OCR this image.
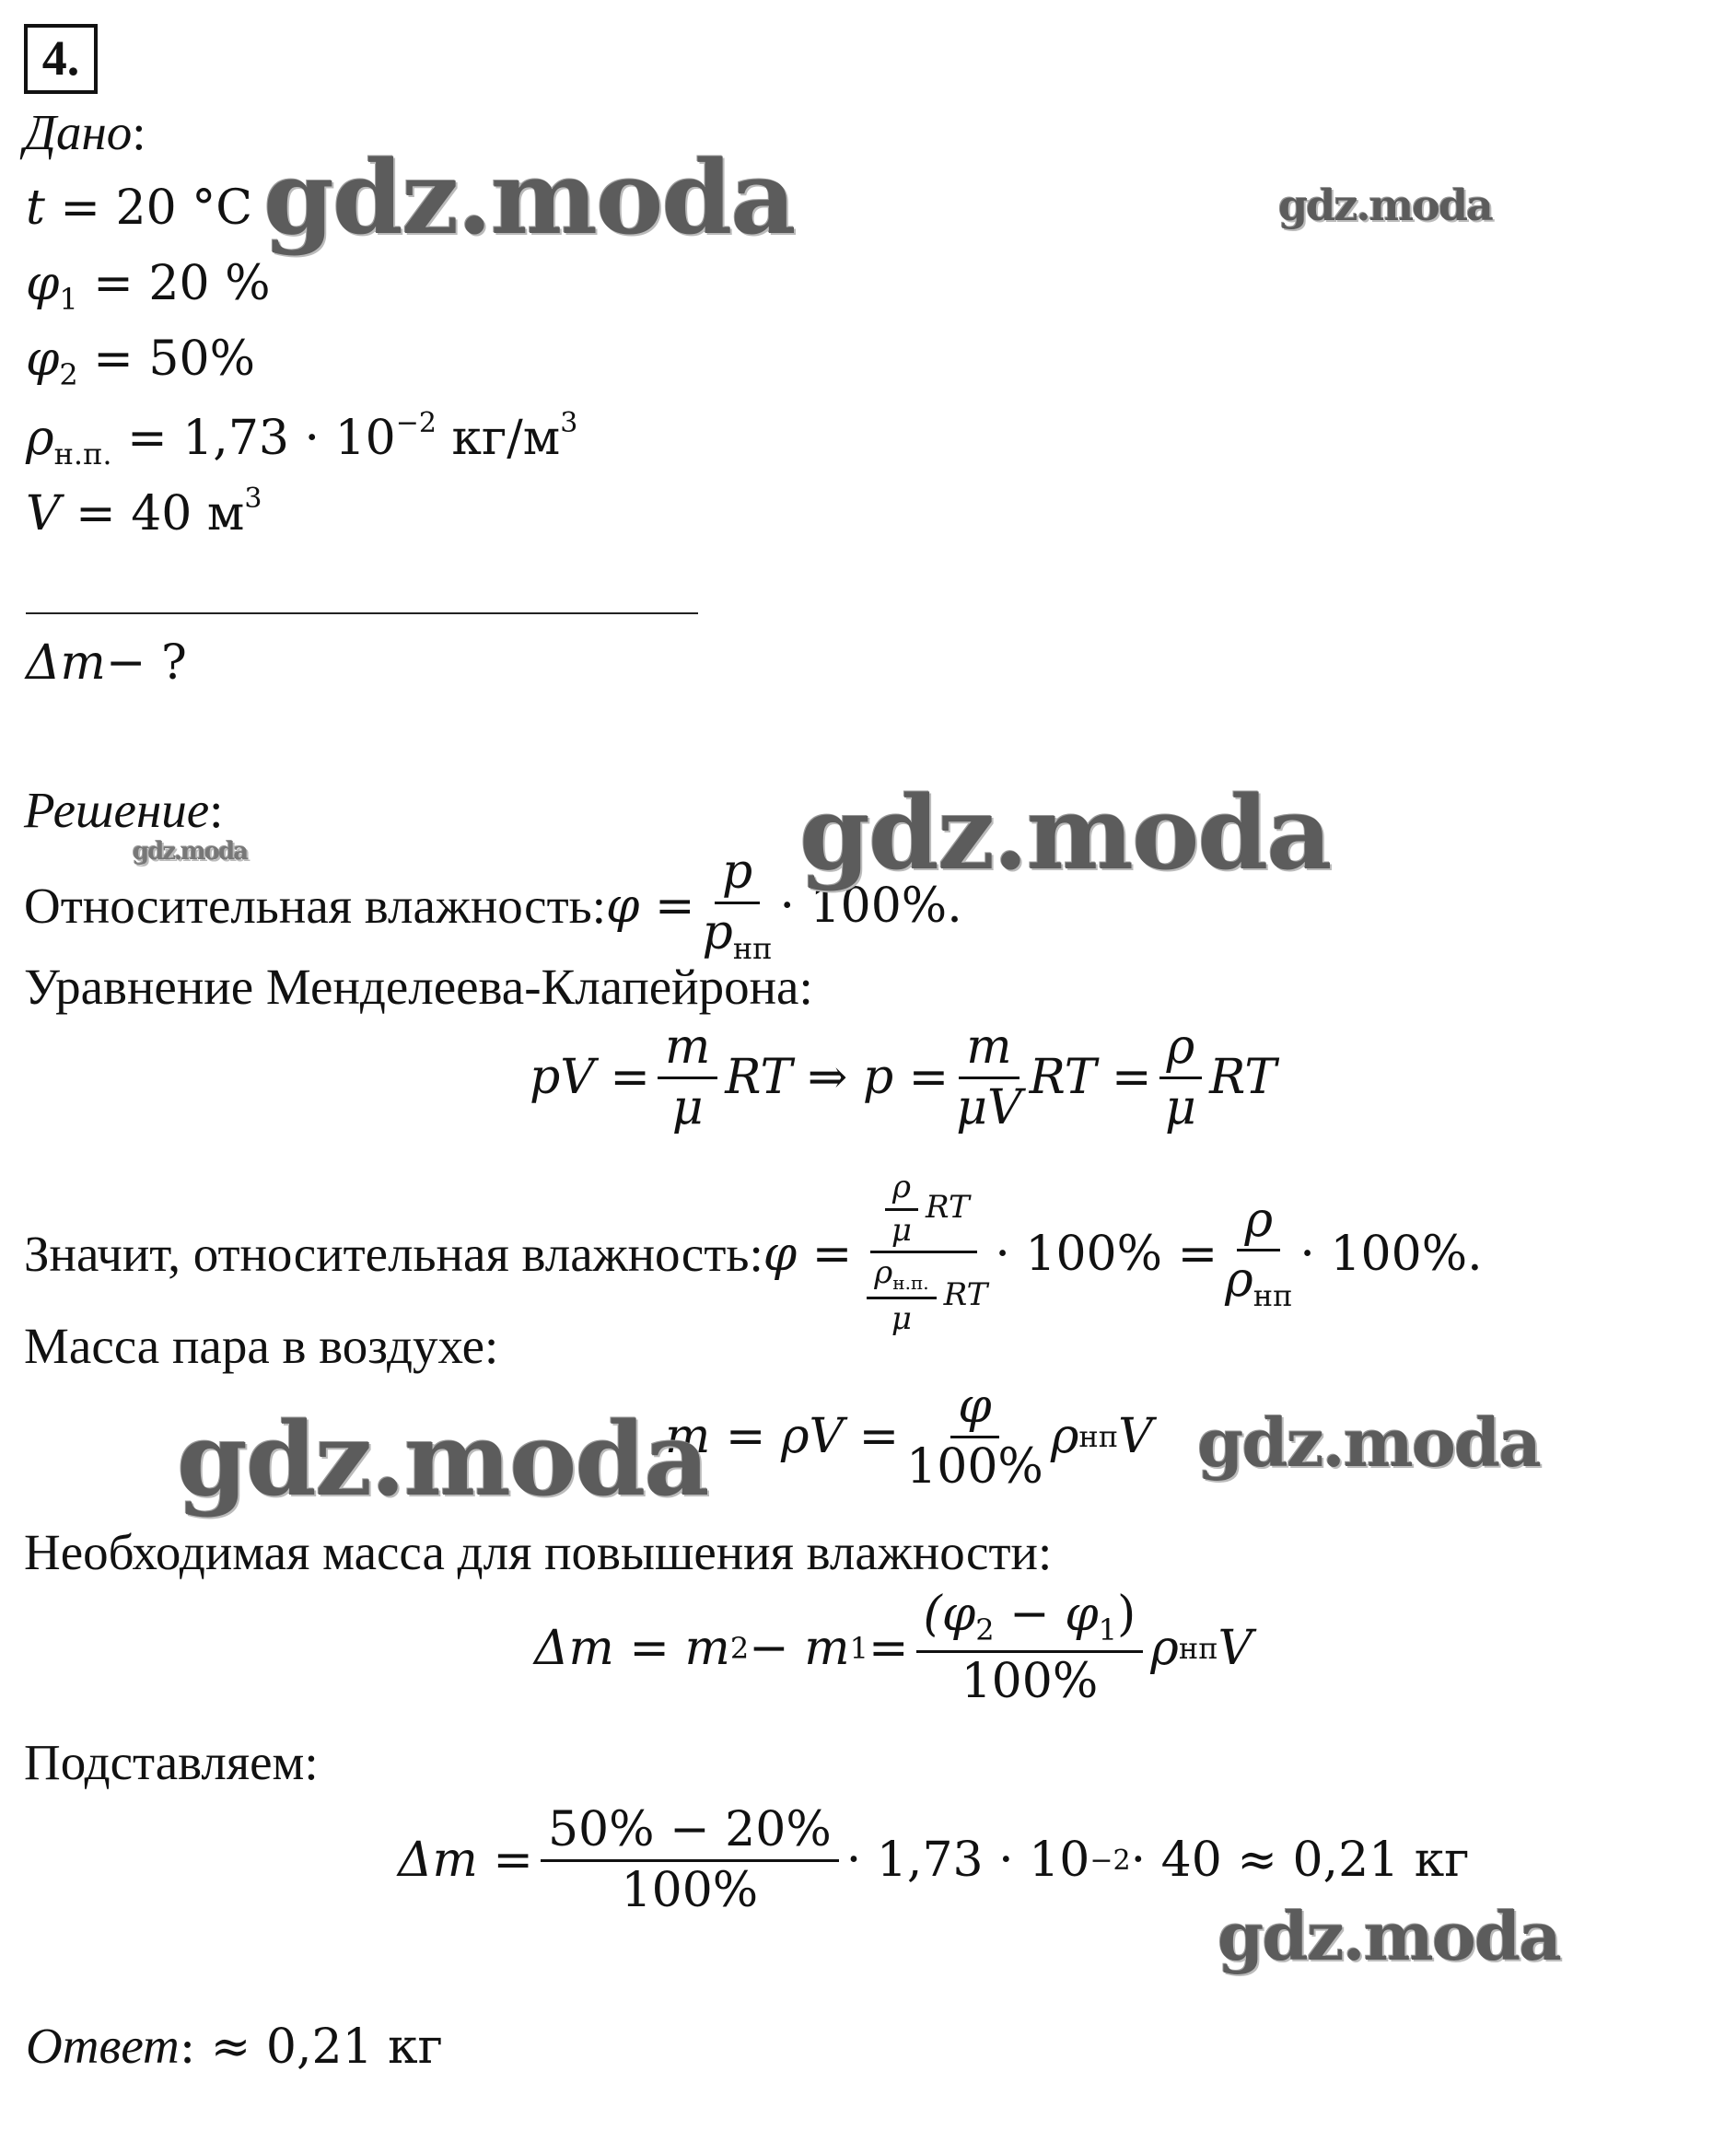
4.
Дано:
t = 20 °C
$\varphi_1 = 20$ %
$\varphi_2 = 50\%$
$\rho_{н.п.} = 1,73 \cdot 10^{-2}$ $кг/м^3$
V = 40 $м^3$
Δm− ?
Решение:
Относительная влажность: φ
= $\frac{p}{p_{нп}} \cdot 100\%$.
Уравнение Менделеева-Клапейрона:
pV = $\frac{m}{\mu}$ RT ⇒ $p = \frac{m}{\mu V}$ RT = $\frac{\rho}{\mu}$ RT
Значит, относительная влажность: $\varphi = \frac{\frac{\rho}{\mu} RT}{\frac{\rho_{н.п.}}{\mu} RT} \cdot 100\% = \frac{\rho}{\rho_{нп}} \cdot 100\%$.
Масса пара в воздухе:
$m = \rho V = \frac{\varphi}{100\%}$ ρ нп V
Необходимая масса для повышения влажности:
Δm = m 2 − m $1 = \frac{(\varphi_2 - \varphi_1)}{100\%}$ ρ нп V
Подставляем:
$\Delta m = \frac{50\% - 20\%}{100\%} \cdot 1,73 \cdot 10 -2 \cdot 40 \approx 0,21$ кг
Ответ: ≈ 0,21 кг
gdz.moda	gdz.moda
gdz.moda
gdz.moda
gdz.moda	gdz.moda
gdz.moda
